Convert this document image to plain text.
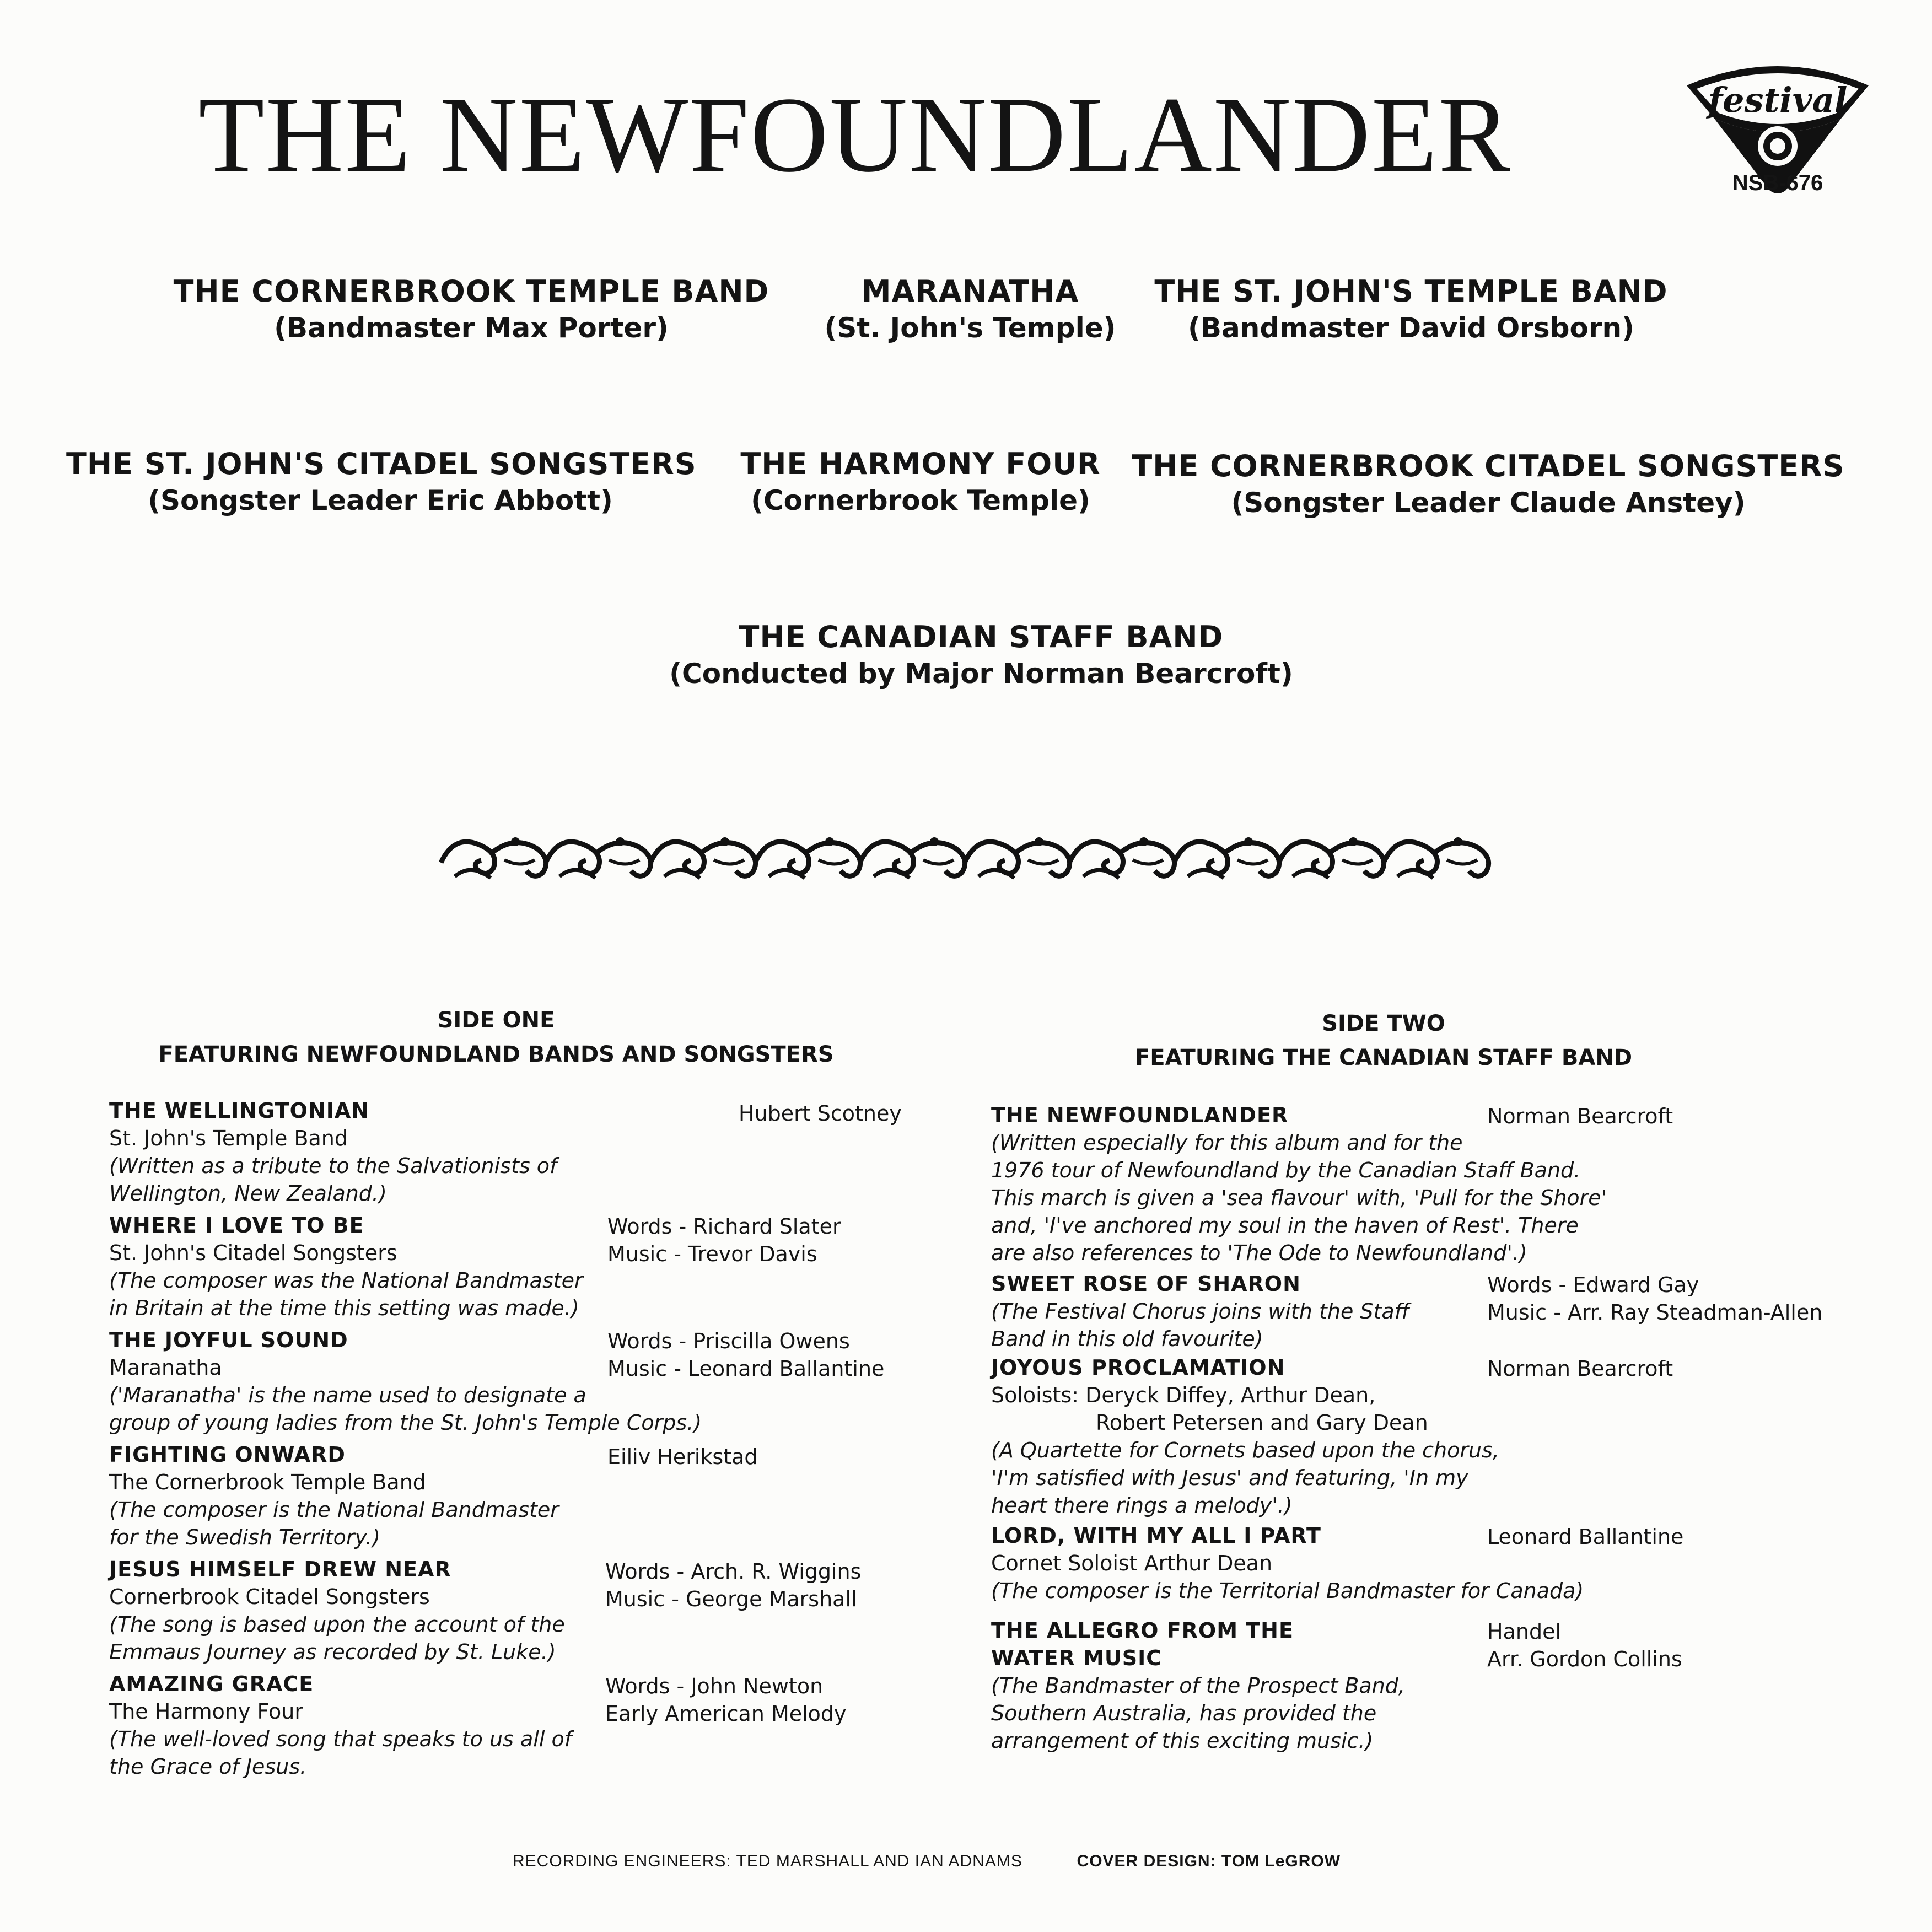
THE NEWFOUNDLANDER	festival
NSB-676
THE CORNERBROOK TEMPLE BAND
(Bandmaster Max Porter)
MARANATHA
(St. John's Temple)
THE ST. JOHN'S TEMPLE BAND
(Bandmaster David Orsborn)
THE ST. JOHN'S CITADEL SONGSTERS
(Songster Leader Eric Abbott)
THE HARMONY FOUR
(Cornerbrook Temple)
THE CORNERBROOK CITADEL SONGSTERS
(Songster Leader Claude Anstey)
THE CANADIAN STAFF BAND
(Conducted by Major Norman Bearcroft)
SIDE ONE
FEATURING NEWFOUNDLAND BANDS AND SONGSTERS
SIDE TWO
FEATURING THE CANADIAN STAFF BAND
THE WELLINGTONIAN
St. John's Temple Band
(Written as a tribute to the Salvationists of
Wellington, New Zealand.)
Hubert Scotney
WHERE I LOVE TO BE
St. John's Citadel Songsters
(The composer was the National Bandmaster
in Britain at the time this setting was made.)
Words - Richard Slater
Music - Trevor Davis
THE JOYFUL SOUND
Maranatha
('Maranatha' is the name used to designate a
group of young ladies from the St. John's Temple Corps.)
Words - Priscilla Owens
Music - Leonard Ballantine
FIGHTING ONWARD
The Cornerbrook Temple Band
(The composer is the National Bandmaster
for the Swedish Territory.)
Eiliv Herikstad
JESUS HIMSELF DREW NEAR
Cornerbrook Citadel Songsters
(The song is based upon the account of the
Emmaus Journey as recorded by St. Luke.)
Words - Arch. R. Wiggins
Music - George Marshall
AMAZING GRACE
The Harmony Four
(The well-loved song that speaks to us all of
the Grace of Jesus.
Words - John Newton
Early American Melody
THE NEWFOUNDLANDER
(Written especially for this album and for the
1976 tour of Newfoundland by the Canadian Staff Band.
This march is given a 'sea flavour' with, 'Pull for the Shore'
and, 'I've anchored my soul in the haven of Rest'. There
are also references to 'The Ode to Newfoundland'.)
Norman Bearcroft
SWEET ROSE OF SHARON
(The Festival Chorus joins with the Staff
Band in this old favourite)
Words - Edward Gay
Music - Arr. Ray Steadman-Allen
JOYOUS PROCLAMATION
Soloists: Deryck Diffey, Arthur Dean,
Robert Petersen and Gary Dean
(A Quartette for Cornets based upon the chorus,
'I'm satisfied with Jesus' and featuring, 'In my
heart there rings a melody'.)
Norman Bearcroft
LORD, WITH MY ALL I PART
Cornet Soloist Arthur Dean
(The composer is the Territorial Bandmaster for Canada)
Leonard Ballantine
THE ALLEGRO FROM THE
WATER MUSIC
(The Bandmaster of the Prospect Band,
Southern Australia, has provided the
arrangement of this exciting music.)
Handel
Arr. Gordon Collins
RECORDING ENGINEERS: TED MARSHALL AND IAN ADNAMS	COVER DESIGN: TOM LeGROW
